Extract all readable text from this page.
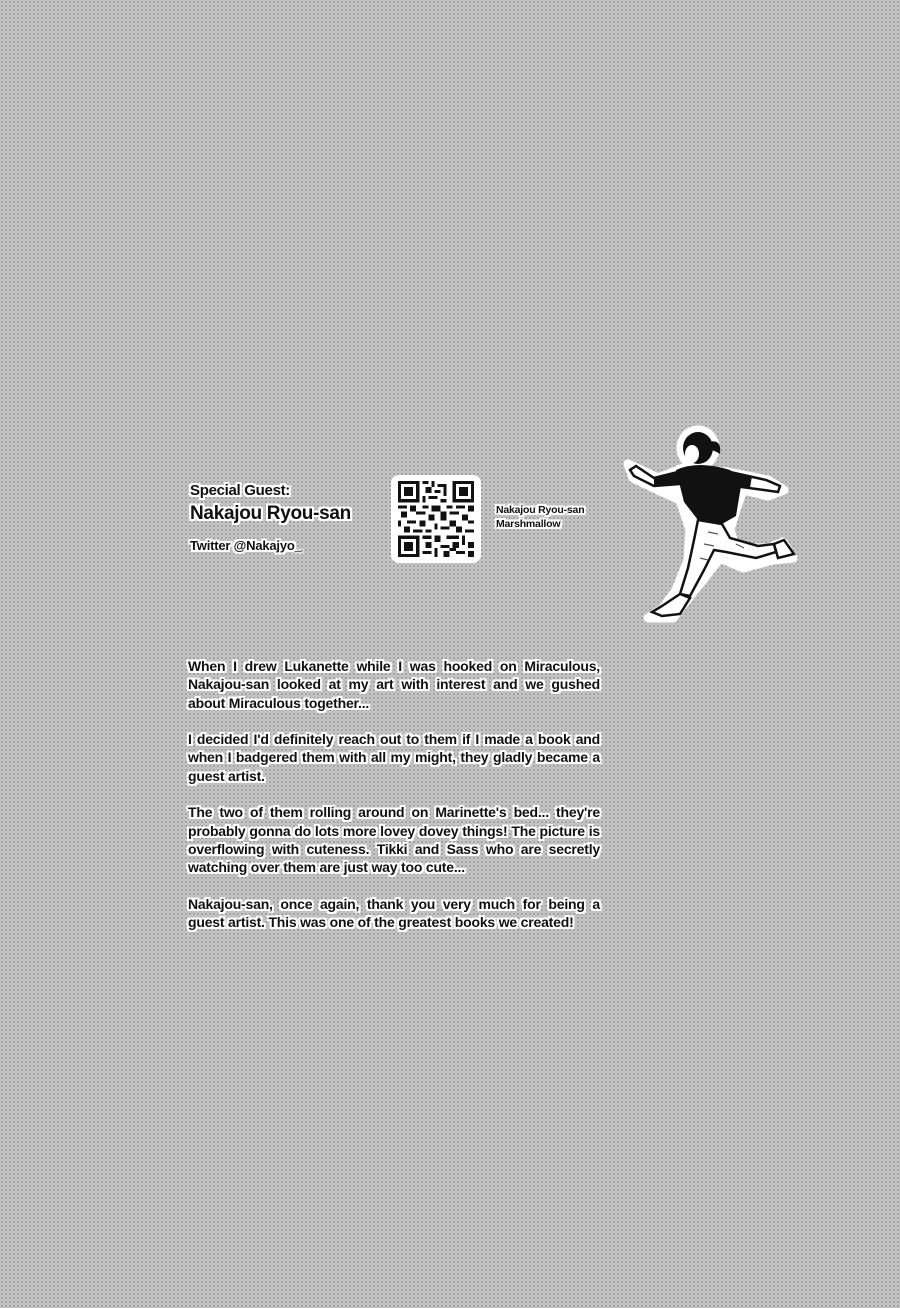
Special Guest:
Nakajou Ryou-san
Twitter @Nakajyo_
Nakajou Ryou-san
Marshmallow

When I drew Lukanette while I was hooked on Miraculous, Nakajou-san looked at my art with interest and we gushed about Miraculous together...

I decided I'd definitely reach out to them if I made a book and when I badgered them with all my might, they gladly became a guest artist.

The two of them rolling around on Marinette's bed... they're probably gonna do lots more lovey dovey things! The picture is overflowing with cuteness. Tikki and Sass who are secretly watching over them are just way too cute...

Nakajou-san, once again, thank you very much for being a guest artist. This was one of the greatest books we created!
